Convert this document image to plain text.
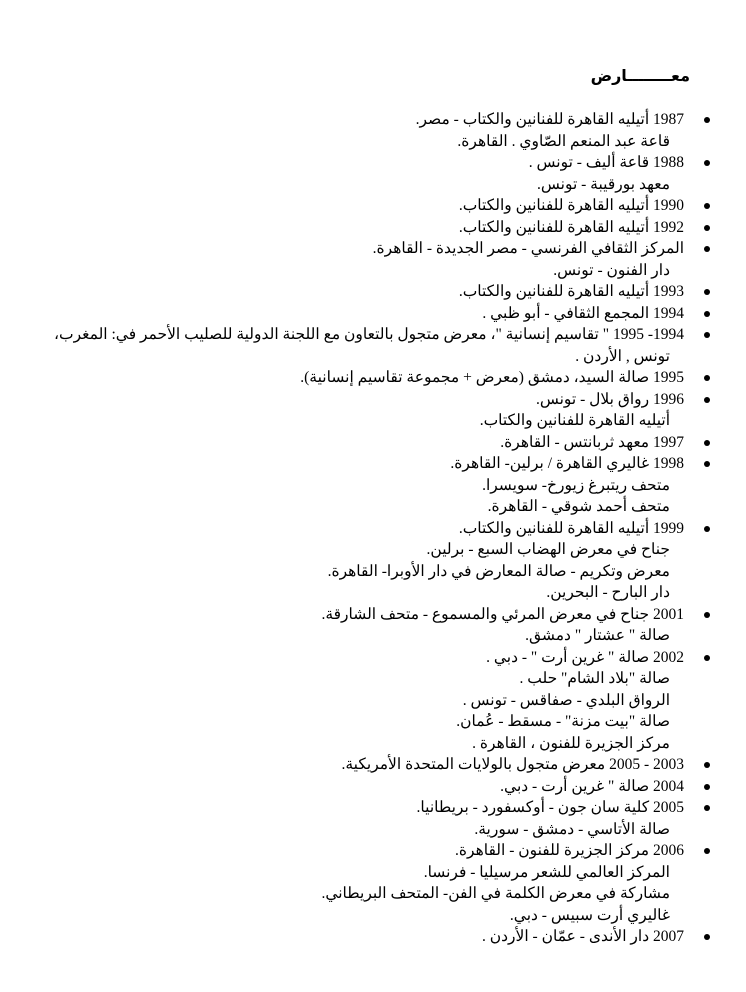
معــــــــارض
1987 أتيليه القاهرة للفنانين والكتاب - مصر.
قاعة عبد المنعم الصّاوي . القاهرة.
1988 قاعة أليف - تونس .
معهد بورقيبة - تونس.
1990 أتيليه القاهرة للفنانين والكتاب.
1992 أتيليه القاهرة للفنانين والكتاب.
المركز الثقافي الفرنسي - مصر الجديدة - القاهرة.
دار الفنون - تونس.
1993 أتيليه القاهرة للفنانين والكتاب.
1994 المجمع الثقافي - أبو ظبي .
1994- 1995 " تقاسيم إنسانية "، معرض متجول بالتعاون مع اللجنة الدولية للصليب الأحمر في: المغرب،
تونس , الأردن .
1995 صالة السيد، دمشق (معرض + مجموعة تقاسيم إنسانية).
1996 رواق بلال - تونس.
أتيليه القاهرة للفنانين والكتاب.
1997 معهد ثربانتس - القاهرة.
1998 غاليري القاهرة / برلين- القاهرة.
متحف ريتبرغ زيورخ- سويسرا.
متحف أحمد شوقي - القاهرة.
1999 أتيليه القاهرة للفنانين والكتاب.
جناح في معرض الهضاب السبع - برلين.
معرض وتكريم - صالة المعارض في دار الأوبرا- القاهرة.
دار البارح - البحرين.
2001 جناح في معرض المرئي والمسموع - متحف الشارقة.
صالة " عشتار " دمشق.
2002 صالة " غرين أرت " - دبي .
صالة "بلاد الشام" حلب .
الرواق البلدي - صفاقس - تونس .
صالة "بيت مزنة" - مسقط - عُمان.
مركز الجزيرة للفنون ، القاهرة .
2003 - 2005 معرض متجول بالولايات المتحدة الأمريكية.
2004 صالة " غرين أرت - دبي.
2005 كلية سان جون - أوكسفورد - بريطانيا.
صالة الأتاسي - دمشق - سورية.
2006 مركز الجزيرة للفنون - القاهرة.
المركز العالمي للشعر مرسيليا - فرنسا.
مشاركة في معرض الكلمة في الفن- المتحف البريطاني.
غاليري أرت سبيس - دبي.
2007 دار الأندى - عمّان - الأردن .
